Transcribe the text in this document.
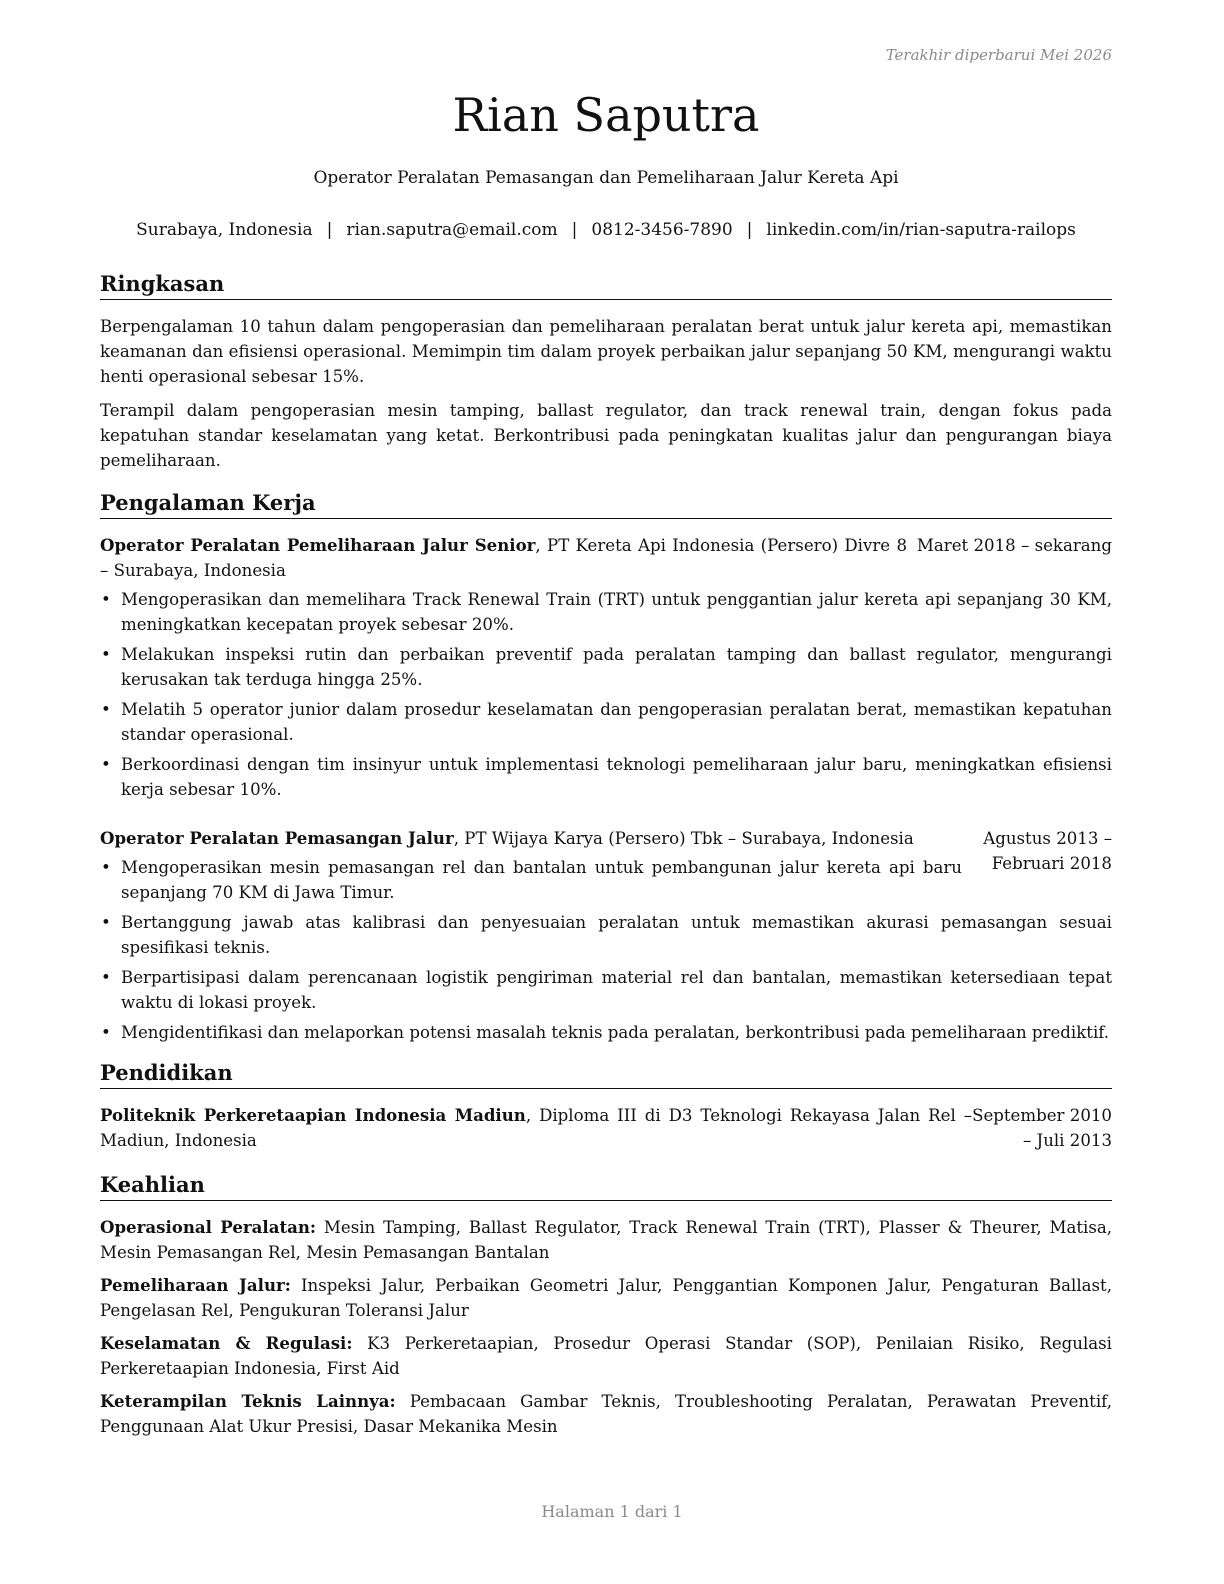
Terakhir diperbarui Mei 2026
Rian Saputra
Operator Peralatan Pemasangan dan Pemeliharaan Jalur Kereta Api
Surabaya, Indonesia | rian.saputra@email.com | 0812-3456-7890 | linkedin.com/in/rian-saputra-railops
Ringkasan

Berpengalaman 10 tahun dalam pengoperasian dan pemeliharaan peralatan berat untuk jalur kereta api, memastikan keamanan dan efisiensi operasional. Memimpin tim dalam proyek perbaikan jalur sepanjang 50 KM, mengurangi waktu henti operasional sebesar 15%.

Terampil dalam pengoperasian mesin tamping, ballast regulator, dan track renewal train, dengan fokus pada kepatuhan standar keselamatan yang ketat. Berkontribusi pada peningkatan kualitas jalur dan pengurangan biaya pemeliharaan.

Pengalaman Kerja
Maret 2018 – sekarang
Operator Peralatan Pemeliharaan Jalur Senior, PT Kereta Api Indonesia (Persero) Divre 8 – Surabaya, Indonesia
• Mengoperasikan dan memelihara Track Renewal Train (TRT) untuk penggantian jalur kereta api sepanjang 30 KM, meningkatkan kecepatan proyek sebesar 20%.
• Melakukan inspeksi rutin dan perbaikan preventif pada peralatan tamping dan ballast regulator, mengurangi kerusakan tak terduga hingga 25%.
• Melatih 5 operator junior dalam prosedur keselamatan dan pengoperasian peralatan berat, memastikan kepatuhan standar operasional.
• Berkoordinasi dengan tim insinyur untuk implementasi teknologi pemeliharaan jalur baru, meningkatkan efisiensi kerja sebesar 10%.
Agustus 2013 – Februari 2018
Operator Peralatan Pemasangan Jalur, PT Wijaya Karya (Persero) Tbk – Surabaya, Indonesia
• Mengoperasikan mesin pemasangan rel dan bantalan untuk pembangunan jalur kereta api baru sepanjang 70 KM di Jawa Timur.
• Bertanggung jawab atas kalibrasi dan penyesuaian peralatan untuk memastikan akurasi pemasangan sesuai spesifikasi teknis.
• Berpartisipasi dalam perencanaan logistik pengiriman material rel dan bantalan, memastikan ketersediaan tepat waktu di lokasi proyek.
• Mengidentifikasi dan melaporkan potensi masalah teknis pada peralatan, berkontribusi pada pemeliharaan prediktif.
Pendidikan
September 2010 – Juli 2013
Politeknik Perkeretaapian Indonesia Madiun, Diploma III di D3 Teknologi Rekayasa Jalan Rel – Madiun, Indonesia
Keahlian

Operasional Peralatan: Mesin Tamping, Ballast Regulator, Track Renewal Train (TRT), Plasser & Theurer, Matisa, Mesin Pemasangan Rel, Mesin Pemasangan Bantalan

Pemeliharaan Jalur: Inspeksi Jalur, Perbaikan Geometri Jalur, Penggantian Komponen Jalur, Pengaturan Ballast, Pengelasan Rel, Pengukuran Toleransi Jalur

Keselamatan & Regulasi: K3 Perkeretaapian, Prosedur Operasi Standar (SOP), Penilaian Risiko, Regulasi Perkeretaapian Indonesia, First Aid

Keterampilan Teknis Lainnya: Pembacaan Gambar Teknis, Troubleshooting Peralatan, Perawatan Preventif, Penggunaan Alat Ukur Presisi, Dasar Mekanika Mesin

Halaman 1 dari 1
